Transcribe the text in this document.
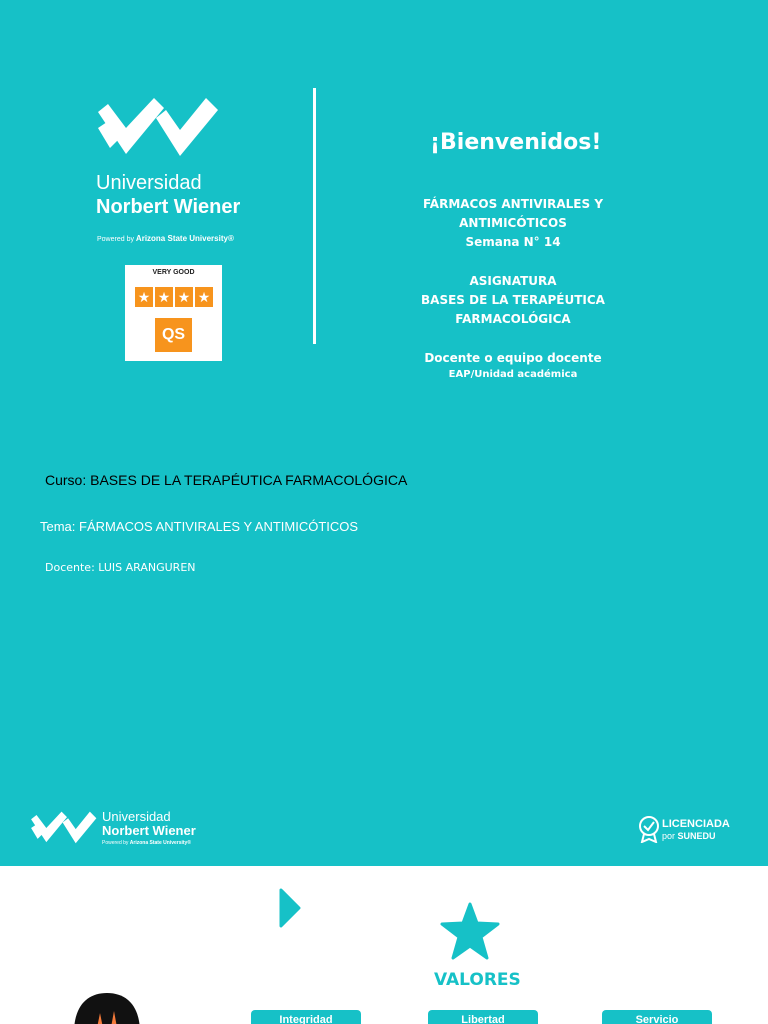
Universidad
Norbert Wiener
Powered by Arizona State University®
VERY GOOD
★ ★ ★ ★
QS
¡Bienvenidos!
FÁRMACOS ANTIVIRALES Y
ANTIMICÓTICOS
Semana N° 14
ASIGNATURA
BASES DE LA TERAPÉUTICA
FARMACOLÓGICA
Docente o equipo docente
EAP/Unidad académica
Curso: BASES DE LA TERAPÉUTICA FARMACOLÓGICA
Tema: FÁRMACOS ANTIVIRALES Y ANTIMICÓTICOS
Docente: LUIS ARANGUREN
Universidad
Norbert Wiener
Powered by Arizona State University®
LICENCIADA
por SUNEDU
VALORES
Integridad	Libertad	Servicio
